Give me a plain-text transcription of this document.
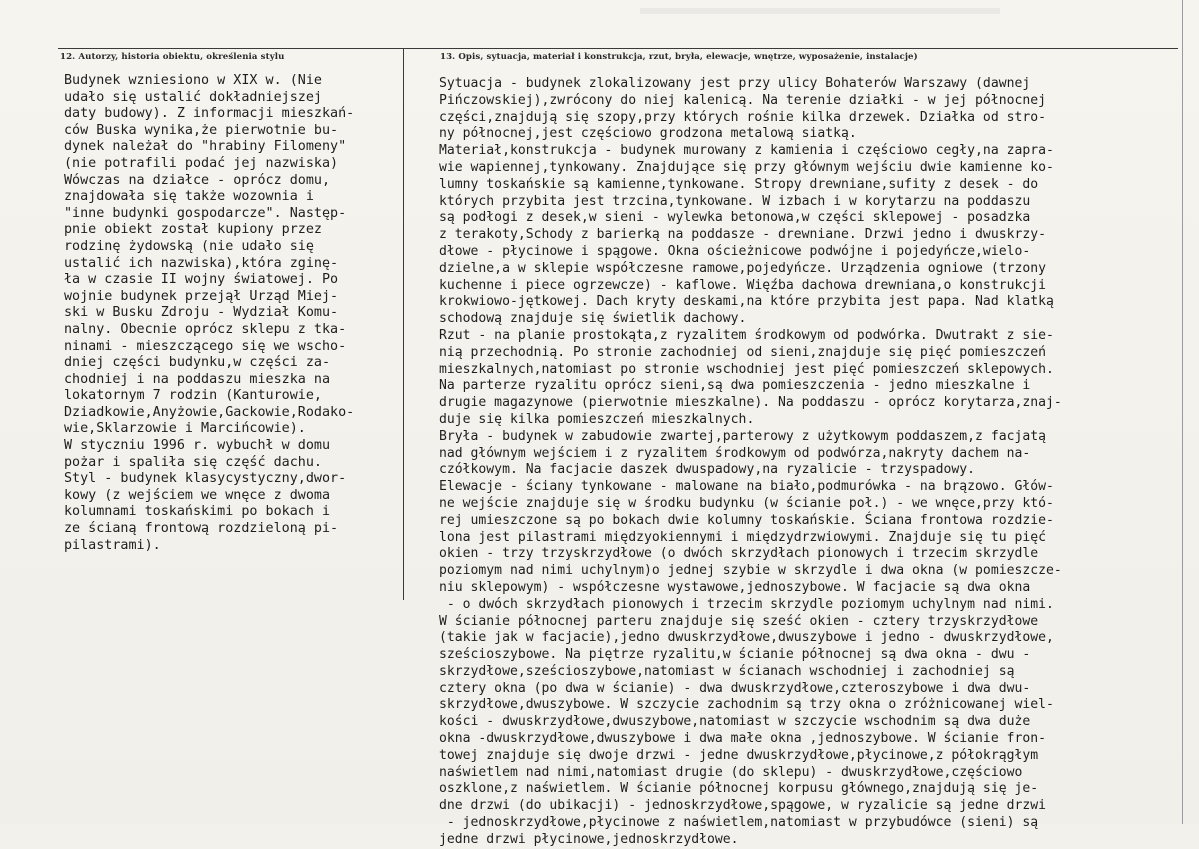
12. Autorzy, historia obiektu, określenia stylu	13. Opis, sytuacja, materiał i konstrukcja, rzut, bryła, elewacje, wnętrze, wyposażenie, instalacje)
Budynek wzniesiono w XIX w. (Nie
udało się ustalić dokładniejszej
daty budowy). Z informacji mieszkań-
ców Buska wynika,że pierwotnie bu-
dynek należał do "hrabiny Filomeny"
(nie potrafili podać jej nazwiska)
Wówczas na działce - oprócz domu,
znajdowała się także wozownia i
"inne budynki gospodarcze". Następ-
pnie obiekt został kupiony przez
rodzinę żydowską (nie udało się
ustalić ich nazwiska),która zginę-
ła w czasie II wojny światowej. Po
wojnie budynek przejął Urząd Miej-
ski w Busku Zdroju - Wydział Komu-
nalny. Obecnie oprócz sklepu z tka-
ninami - mieszczącego się we wscho-
dniej części budynku,w części za-
chodniej i na poddaszu mieszka na
lokatornym 7 rodzin (Kanturowie,
Dziadkowie,Anyżowie,Gackowie,Rodako-
wie,Sklarzowie i Marcińcowie).
W styczniu 1996 r. wybuchł w domu
pożar i spaliła się część dachu.
Styl - budynek klasycystyczny,dwor-
kowy (z wejściem we wnęce z dwoma
kolumnami toskańskimi po bokach i
ze ścianą frontową rozdzieloną pi-
pilastrami).
Sytuacja - budynek zlokalizowany jest przy ulicy Bohaterów Warszawy (dawnej
Pińczowskiej),zwrócony do niej kalenicą. Na terenie działki - w jej północnej
części,znajdują się szopy,przy których rośnie kilka drzewek. Działka od stro-
ny północnej,jest częściowo grodzona metalową siatką.
Materiał,konstrukcja - budynek murowany z kamienia i częściowo cegły,na zapra-
wie wapiennej,tynkowany. Znajdujące się przy głównym wejściu dwie kamienne ko-
lumny toskańskie są kamienne,tynkowane. Stropy drewniane,sufity z desek - do
których przybita jest trzcina,tynkowane. W izbach i w korytarzu na poddaszu
są podłogi z desek,w sieni - wylewka betonowa,w części sklepowej - posadzka
z terakoty,Schody z barierką na poddasze - drewniane. Drzwi jedno i dwuskrzy-
dłowe - płycinowe i spągowe. Okna ościeżnicowe podwójne i pojedyńcze,wielo-
dzielne,a w sklepie współczesne ramowe,pojedyńcze. Urządzenia ogniowe (trzony
kuchenne i piece ogrzewcze) - kaflowe. Więźba dachowa drewniana,o konstrukcji
krokwiowo-jętkowej. Dach kryty deskami,na które przybita jest papa. Nad klatką
schodową znajduje się świetlik dachowy.
Rzut - na planie prostokąta,z ryzalitem środkowym od podwórka. Dwutrakt z sie-
nią przechodnią. Po stronie zachodniej od sieni,znajduje się pięć pomieszczeń
mieszkalnych,natomiast po stronie wschodniej jest pięć pomieszczeń sklepowych.
Na parterze ryzalitu oprócz sieni,są dwa pomieszczenia - jedno mieszkalne i
drugie magazynowe (pierwotnie mieszkalne). Na poddaszu - oprócz korytarza,znaj-
duje się kilka pomieszczeń mieszkalnych.
Bryła - budynek w zabudowie zwartej,parterowy z użytkowym poddaszem,z facjatą
nad głównym wejściem i z ryzalitem środkowym od podwórza,nakryty dachem na-
czółkowym. Na facjacie daszek dwuspadowy,na ryzalicie - trzyspadowy.
Elewacje - ściany tynkowane - malowane na biało,podmurówka - na brązowo. Głów-
ne wejście znajduje się w środku budynku (w ścianie poł.) - we wnęce,przy któ-
rej umieszczone są po bokach dwie kolumny toskańskie. Ściana frontowa rozdzie-
lona jest pilastrami międzyokiennymi i międzydrzwiowymi. Znajduje się tu pięć
okien - trzy trzyskrzydłowe (o dwóch skrzydłach pionowych i trzecim skrzydle
poziomym nad nimi uchylnym)o jednej szybie w skrzydle i dwa okna (w pomieszcze-
niu sklepowym) - współczesne wystawowe,jednoszybowe. W facjacie są dwa okna
- o dwóch skrzydłach pionowych i trzecim skrzydle poziomym uchylnym nad nimi.
W ścianie północnej parteru znajduje się sześć okien - cztery trzyskrzydłowe
(takie jak w facjacie),jedno dwuskrzydłowe,dwuszybowe i jedno - dwuskrzydłowe,
sześcioszybowe. Na piętrze ryzalitu,w ścianie północnej są dwa okna - dwu -
skrzydłowe,sześcioszybowe,natomiast w ścianach wschodniej i zachodniej są
cztery okna (po dwa w ścianie) - dwa dwuskrzydłowe,czteroszybowe i dwa dwu-
skrzydłowe,dwuszybowe. W szczycie zachodnim są trzy okna o zróżnicowanej wiel-
kości - dwuskrzydłowe,dwuszybowe,natomiast w szczycie wschodnim są dwa duże
okna -dwuskrzydłowe,dwuszybowe i dwa małe okna ,jednoszybowe. W ścianie fron-
towej znajduje się dwoje drzwi - jedne dwuskrzydłowe,płycinowe,z półokrągłym
naświetlem nad nimi,natomiast drugie (do sklepu) - dwuskrzydłowe,częściowo
oszklone,z naświetlem. W ścianie północnej korpusu głównego,znajdują się je-
dne drzwi (do ubikacji) - jednoskrzydłowe,spągowe, w ryzalicie są jedne drzwi
- jednoskrzydłowe,płycinowe z naświetlem,natomiast w przybudówce (sieni) są
jedne drzwi płycinowe,jednoskrzydłowe.
